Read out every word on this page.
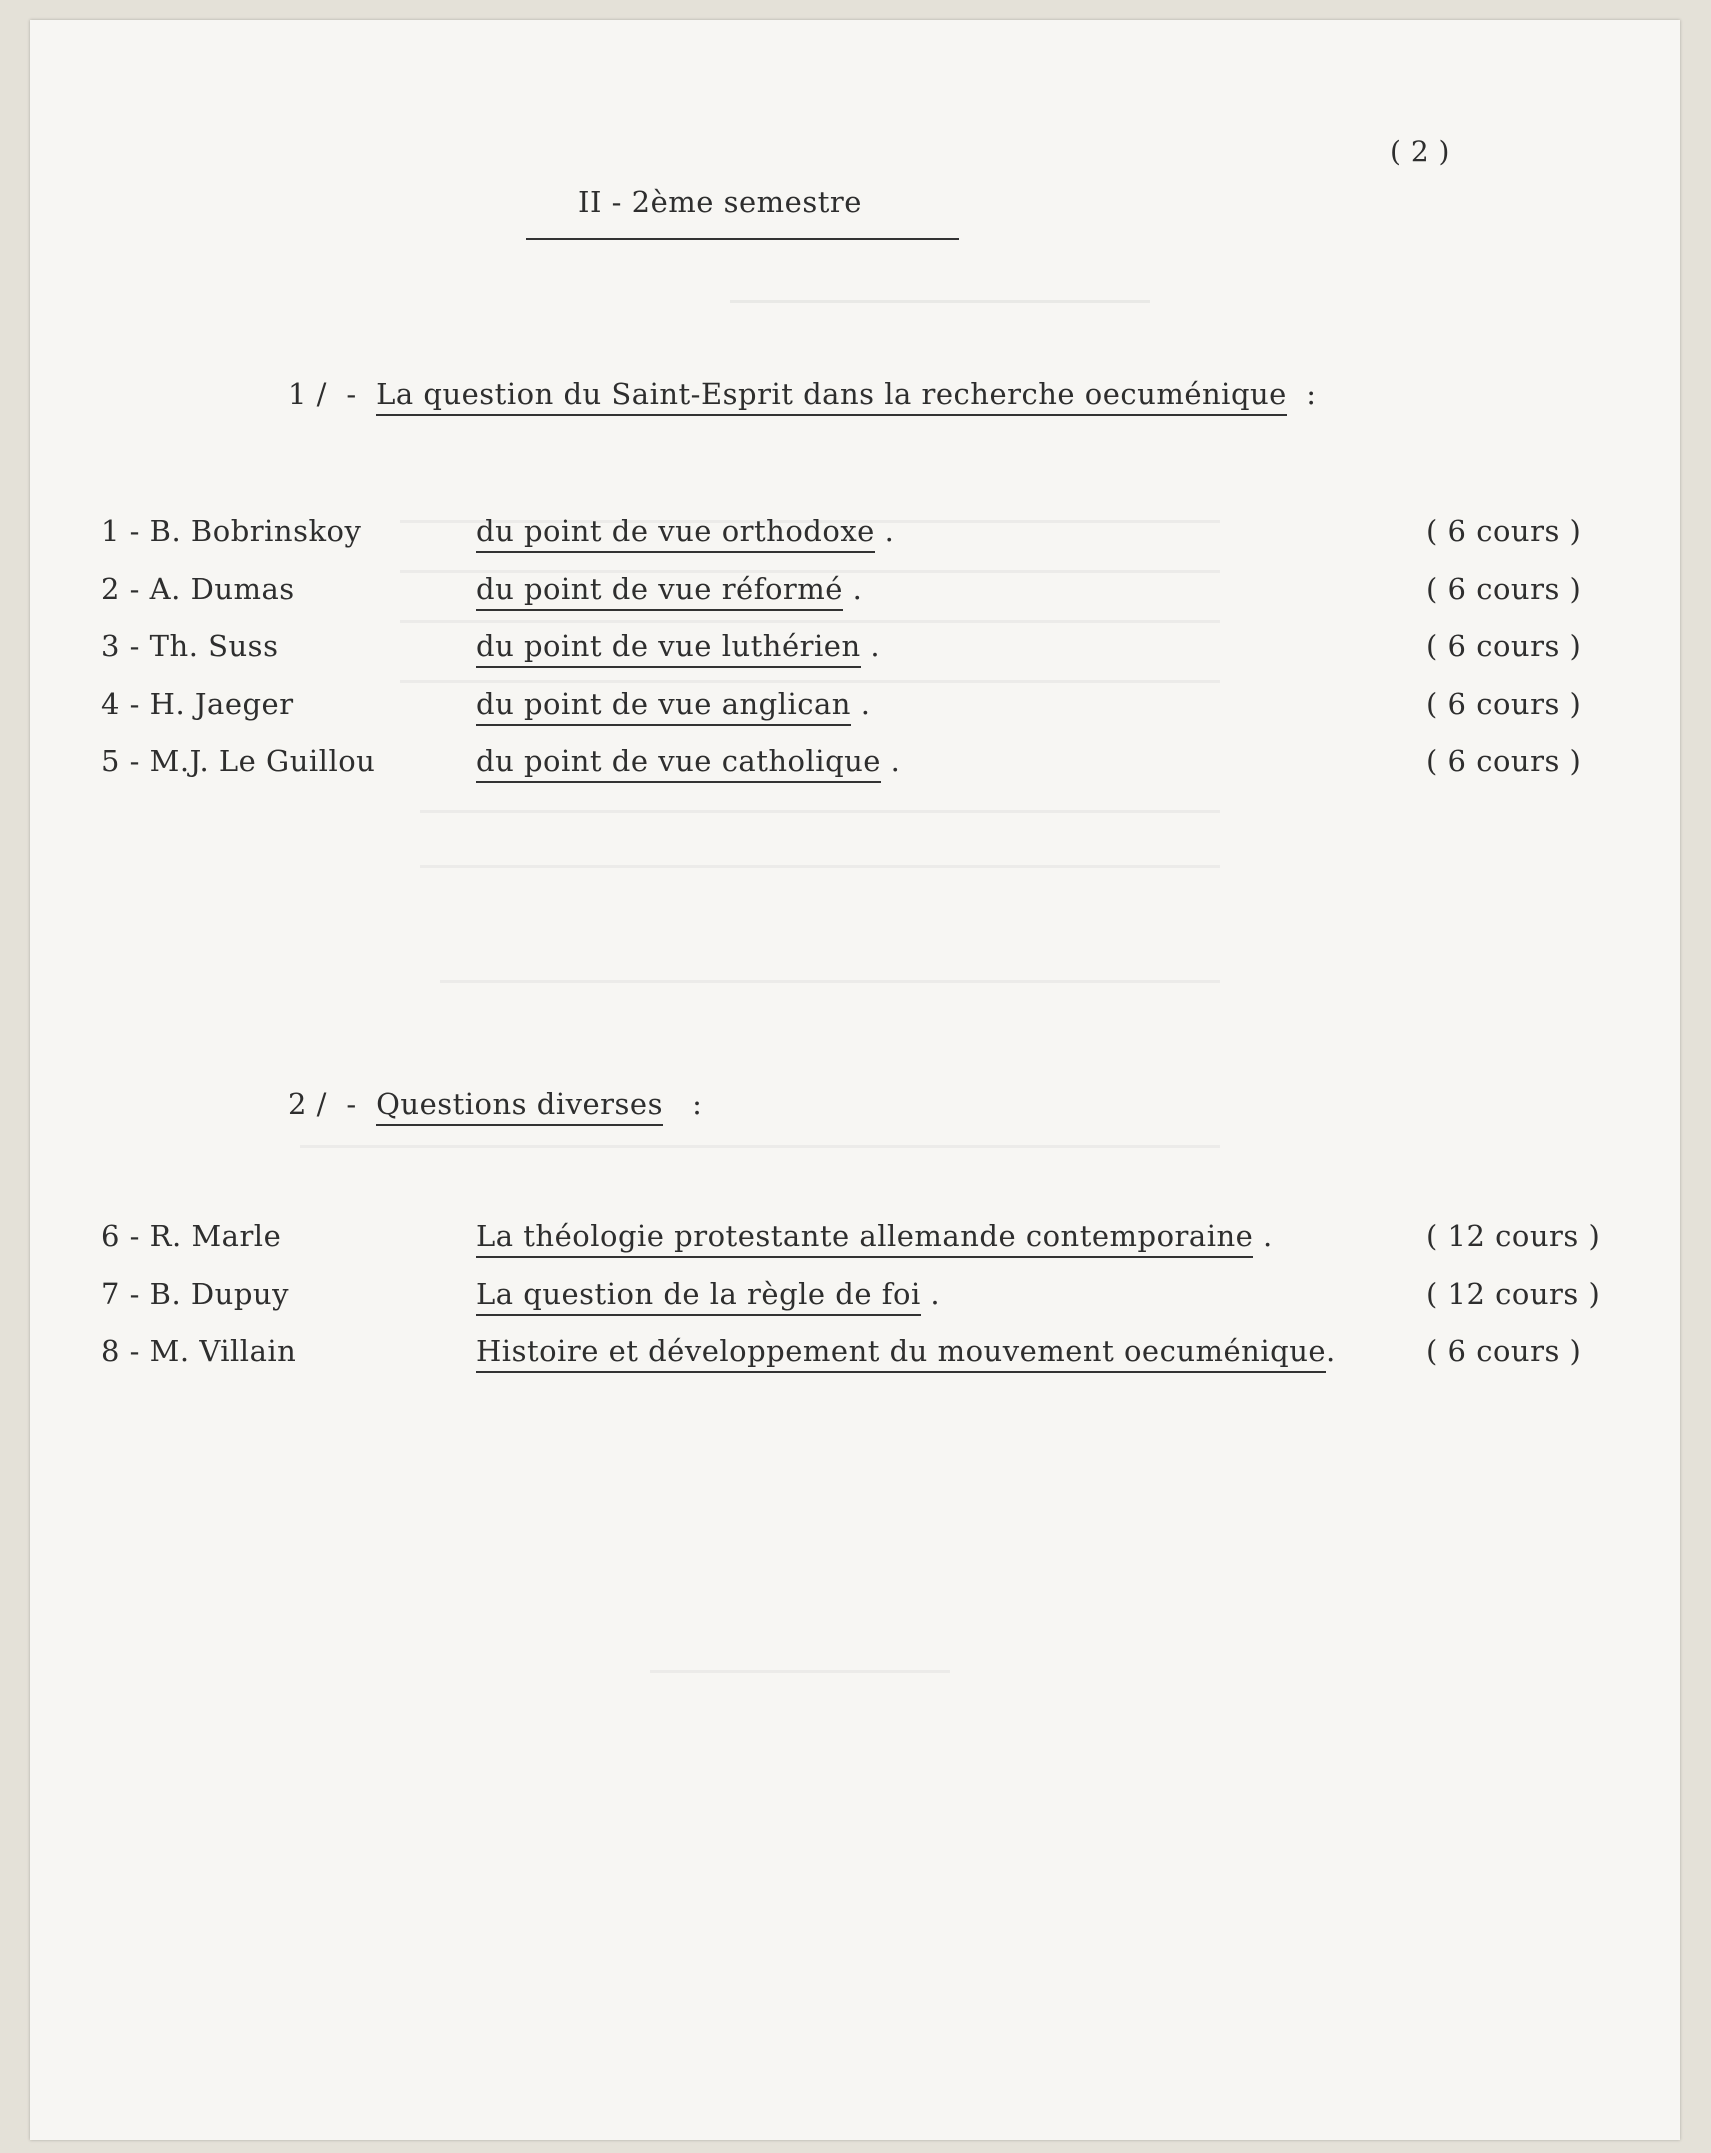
( 2 )
II - 2ème semestre
1 /  -  La question du Saint-Esprit dans la recherche oecuménique  :
1 - B. Bobrinskoy	du point de vue orthodoxe .	( 6 cours )
2 - A. Dumas	du point de vue réformé .	( 6 cours )
3 - Th. Suss	du point de vue luthérien .	( 6 cours )
4 - H. Jaeger	du point de vue anglican .	( 6 cours )
5 - M.J. Le Guillou	du point de vue catholique .	( 6 cours )
2 /  -  Questions diverses   :
6 - R. Marle	La théologie protestante allemande contemporaine .	( 12 cours )
7 - B. Dupuy	La question de la règle de foi .	( 12 cours )
8 - M. Villain	Histoire et développement du mouvement oecuménique.	( 6 cours )
